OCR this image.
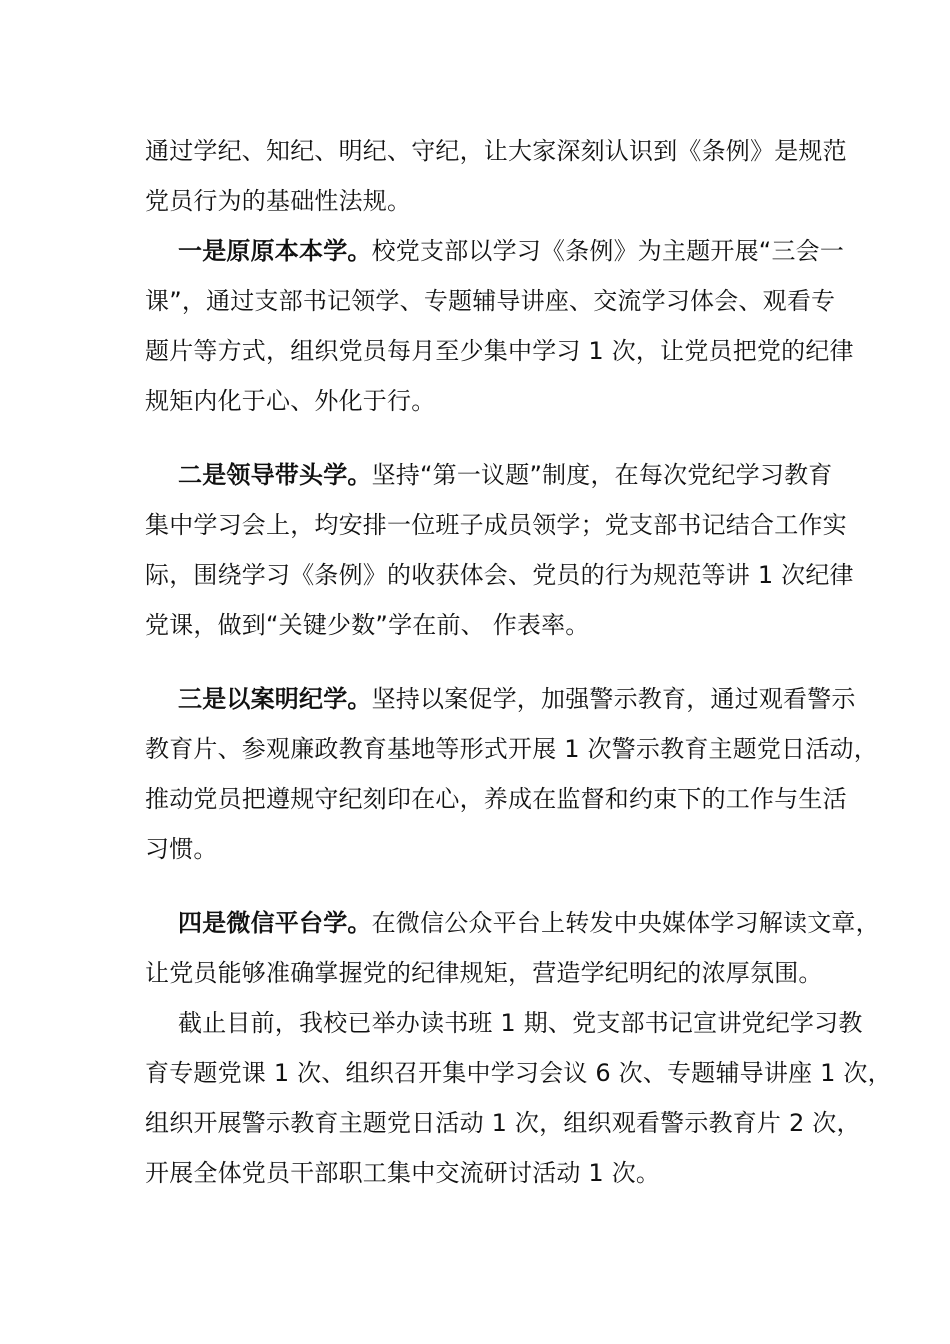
通过学纪、知纪、明纪、守纪，让大家深刻认识到《条例》是规范
党员行为的基础性法规。
一是原原本本学。校党支部以学习《条例》为主题开展“三会一
课”，通过支部书记领学、专题辅导讲座、交流学习体会、观看专
题片等方式，组织党员每月至少集中学习 1 次，让党员把党的纪律
规矩内化于心、外化于行。
二是领导带头学。坚持“第一议题”制度，在每次党纪学习教育
集中学习会上，均安排一位班子成员领学；党支部书记结合工作实
际，围绕学习《条例》的收获体会、党员的行为规范等讲 1 次纪律
党课，做到“关键少数”学在前、 作表率。
三是以案明纪学。坚持以案促学，加强警示教育，通过观看警示
教育片、参观廉政教育基地等形式开展 1 次警示教育主题党日活动，
推动党员把遵规守纪刻印在心，养成在监督和约束下的工作与生活
习惯。
四是微信平台学。在微信公众平台上转发中央媒体学习解读文章，
让党员能够准确掌握党的纪律规矩，营造学纪明纪的浓厚氛围。
截止目前，我校已举办读书班 1 期、党支部书记宣讲党纪学习教
育专题党课 1 次、组织召开集中学习会议 6 次、专题辅导讲座 1 次，
组织开展警示教育主题党日活动 1 次，组织观看警示教育片 2 次，
开展全体党员干部职工集中交流研讨活动 1 次。
